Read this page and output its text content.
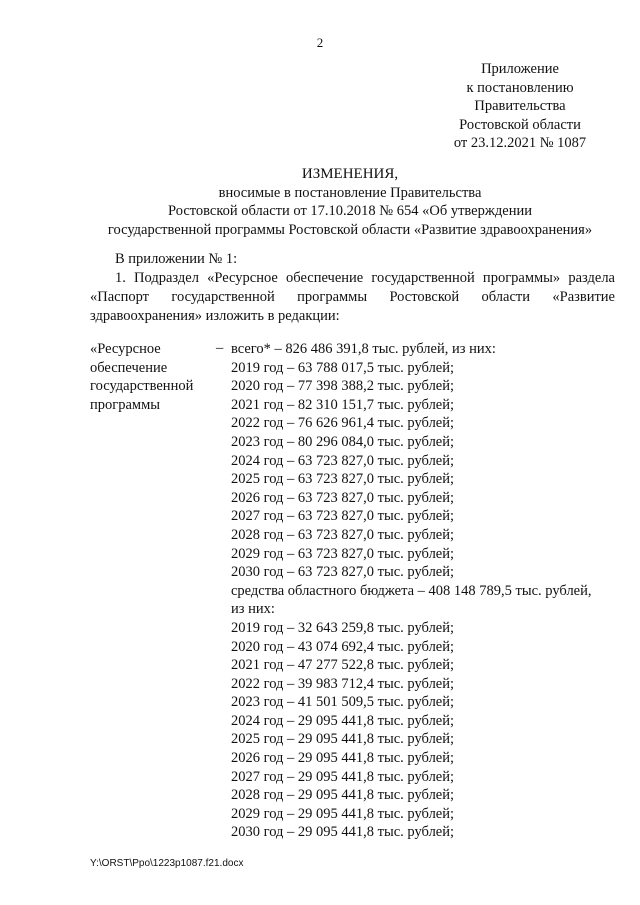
2
Приложение
к постановлению
Правительства
Ростовской области
от 23.12.2021 № 1087
ИЗМЕНЕНИЯ,
вносимые в постановление Правительства
Ростовской области от 17.10.2018 № 654 «Об утверждении
государственной программы Ростовской области «Развитие здравоохранения»
В приложении № 1:
1. Подраздел «Ресурсное обеспечение государственной программы» раздела «Паспорт государственной программы Ростовской области «Развитие здравоохранения» изложить в редакции:
«Ресурсное обеспечение государственной программы
– всего* – 826 486 391,8 тыс. рублей, из них:
2019 год – 63 788 017,5 тыс. рублей;
2020 год – 77 398 388,2 тыс. рублей;
2021 год – 82 310 151,7 тыс. рублей;
2022 год – 76 626 961,4 тыс. рублей;
2023 год – 80 296 084,0 тыс. рублей;
2024 год – 63 723 827,0 тыс. рублей;
2025 год – 63 723 827,0 тыс. рублей;
2026 год – 63 723 827,0 тыс. рублей;
2027 год – 63 723 827,0 тыс. рублей;
2028 год – 63 723 827,0 тыс. рублей;
2029 год – 63 723 827,0 тыс. рублей;
2030 год – 63 723 827,0 тыс. рублей;
средства областного бюджета – 408 148 789,5 тыс. рублей,
из них:
2019 год – 32 643 259,8 тыс. рублей;
2020 год – 43 074 692,4 тыс. рублей;
2021 год – 47 277 522,8 тыс. рублей;
2022 год – 39 983 712,4 тыс. рублей;
2023 год – 41 501 509,5 тыс. рублей;
2024 год – 29 095 441,8 тыс. рублей;
2025 год – 29 095 441,8 тыс. рублей;
2026 год – 29 095 441,8 тыс. рублей;
2027 год – 29 095 441,8 тыс. рублей;
2028 год – 29 095 441,8 тыс. рублей;
2029 год – 29 095 441,8 тыс. рублей;
2030 год – 29 095 441,8 тыс. рублей;
Y:\ORST\Ppo\1223p1087.f21.docx
